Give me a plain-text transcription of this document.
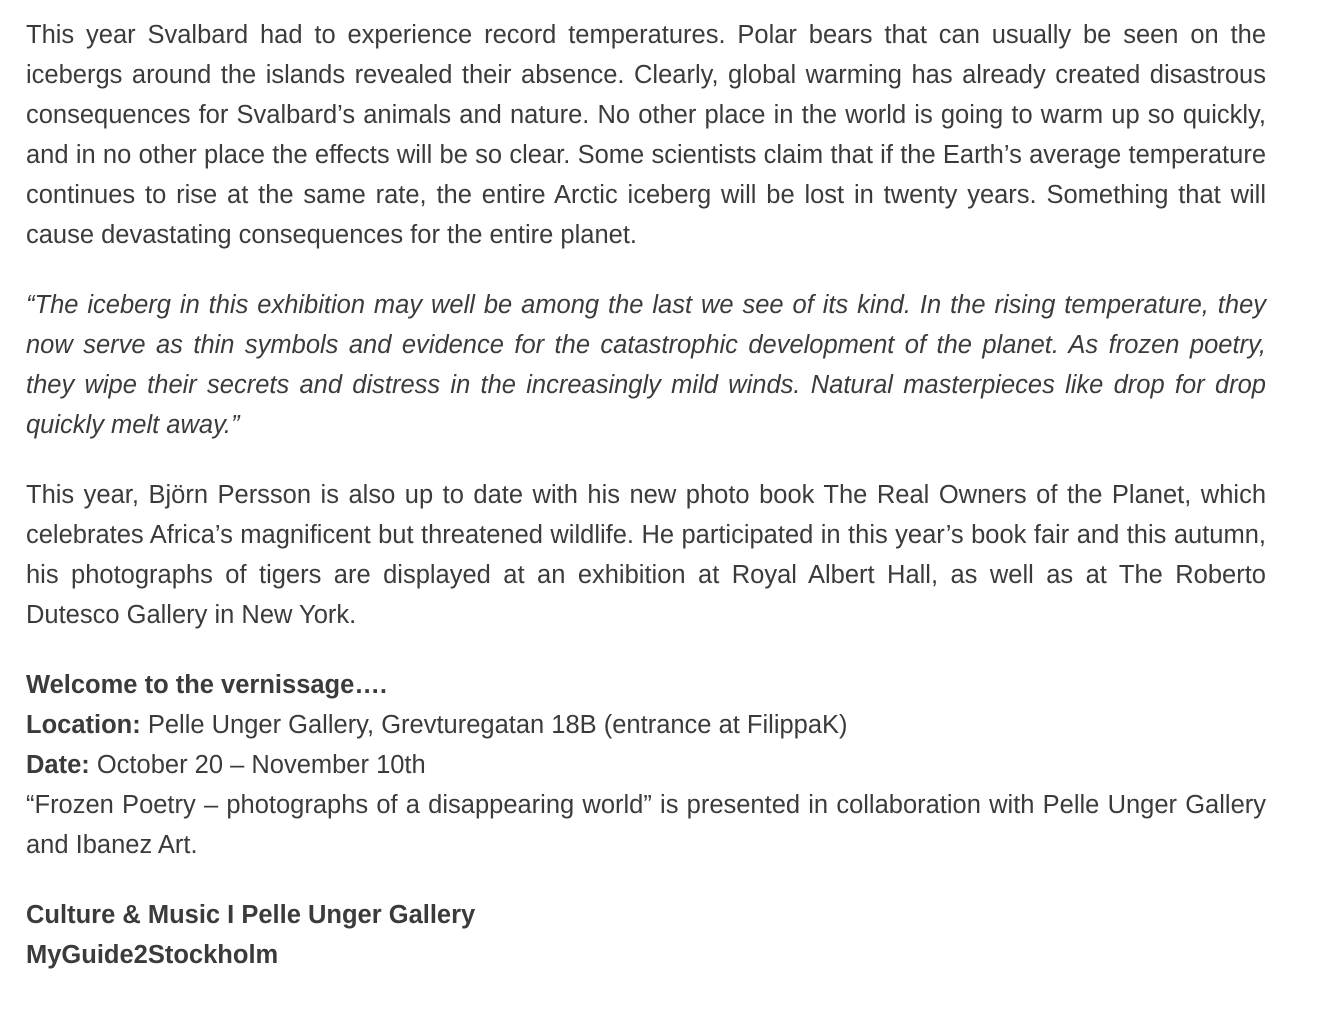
This year Svalbard had to experience record temperatures. Polar bears that can usually be seen on the icebergs around the islands revealed their absence. Clearly, global warming has already created disastrous consequences for Svalbard’s animals and nature. No other place in the world is going to warm up so quickly, and in no other place the effects will be so clear. Some scientists claim that if the Earth’s average temperature continues to rise at the same rate, the entire Arctic iceberg will be lost in twenty years. Something that will cause devastating consequences for the entire planet.

“The iceberg in this exhibition may well be among the last we see of its kind. In the rising temperature, they now serve as thin symbols and evidence for the catastrophic development of the planet. As frozen poetry, they wipe their secrets and distress in the increasingly mild winds. Natural masterpieces like drop for drop quickly melt away.”

This year, Björn Persson is also up to date with his new photo book The Real Owners of the Planet, which celebrates Africa’s magnificent but threatened wildlife. He participated in this year’s book fair and this autumn, his photographs of tigers are displayed at an exhibition at Royal Albert Hall, as well as at The Roberto Dutesco Gallery in New York.

Welcome to the vernissage….
Location: Pelle Unger Gallery, Grevturegatan 18B (entrance at FilippaK)
Date: October 20 – November 10th
“Frozen Poetry – photographs of a disappearing world” is presented in collaboration with Pelle Unger Gallery and Ibanez Art.

Culture & Music I Pelle Unger Gallery
MyGuide2Stockholm
